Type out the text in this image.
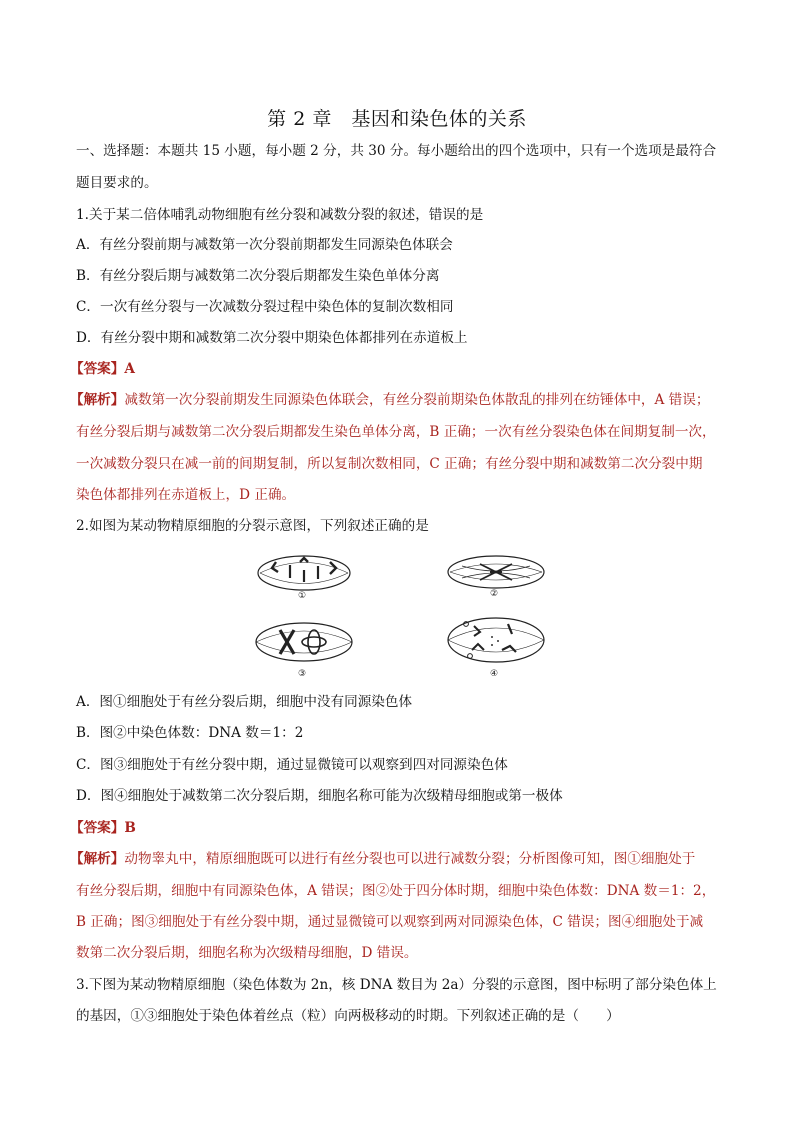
第 2 章　基因和染色体的关系
一、选择题：本题共 15 小题，每小题 2 分，共 30 分。每小题给出的四个选项中，只有一个选项是最符合
题目要求的。
1.关于某二倍体哺乳动物细胞有丝分裂和减数分裂的叙述，错误的是
A．有丝分裂前期与减数第一次分裂前期都发生同源染色体联会
B．有丝分裂后期与减数第二次分裂后期都发生染色单体分离
C．一次有丝分裂与一次减数分裂过程中染色体的复制次数相同
D．有丝分裂中期和减数第二次分裂中期染色体都排列在赤道板上
【答案】A
【解析】减数第一次分裂前期发生同源染色体联会，有丝分裂前期染色体散乱的排列在纺锤体中，A 错误；
有丝分裂后期与减数第二次分裂后期都发生染色单体分离，B 正确；一次有丝分裂染色体在间期复制一次，
一次减数分裂只在减一前的间期复制，所以复制次数相同，C 正确；有丝分裂中期和减数第二次分裂中期
染色体都排列在赤道板上，D 正确。
2.如图为某动物精原细胞的分裂示意图，下列叙述正确的是
①	②
③	④
A．图①细胞处于有丝分裂后期，细胞中没有同源染色体
B．图②中染色体数：DNA 数＝1：2
C．图③细胞处于有丝分裂中期，通过显微镜可以观察到四对同源染色体
D．图④细胞处于减数第二次分裂后期，细胞名称可能为次级精母细胞或第一极体
【答案】B
【解析】动物睾丸中，精原细胞既可以进行有丝分裂也可以进行减数分裂；分析图像可知，图①细胞处于
有丝分裂后期，细胞中有同源染色体，A 错误；图②处于四分体时期，细胞中染色体数：DNA 数＝1：2，
B 正确；图③细胞处于有丝分裂中期，通过显微镜可以观察到两对同源染色体，C 错误；图④细胞处于减
数第二次分裂后期，细胞名称为次级精母细胞，D 错误。
3.下图为某动物精原细胞（染色体数为 2n，核 DNA 数目为 2a）分裂的示意图，图中标明了部分染色体上
的基因，①③细胞处于染色体着丝点（粒）向两极移动的时期。下列叙述正确的是（　　）
